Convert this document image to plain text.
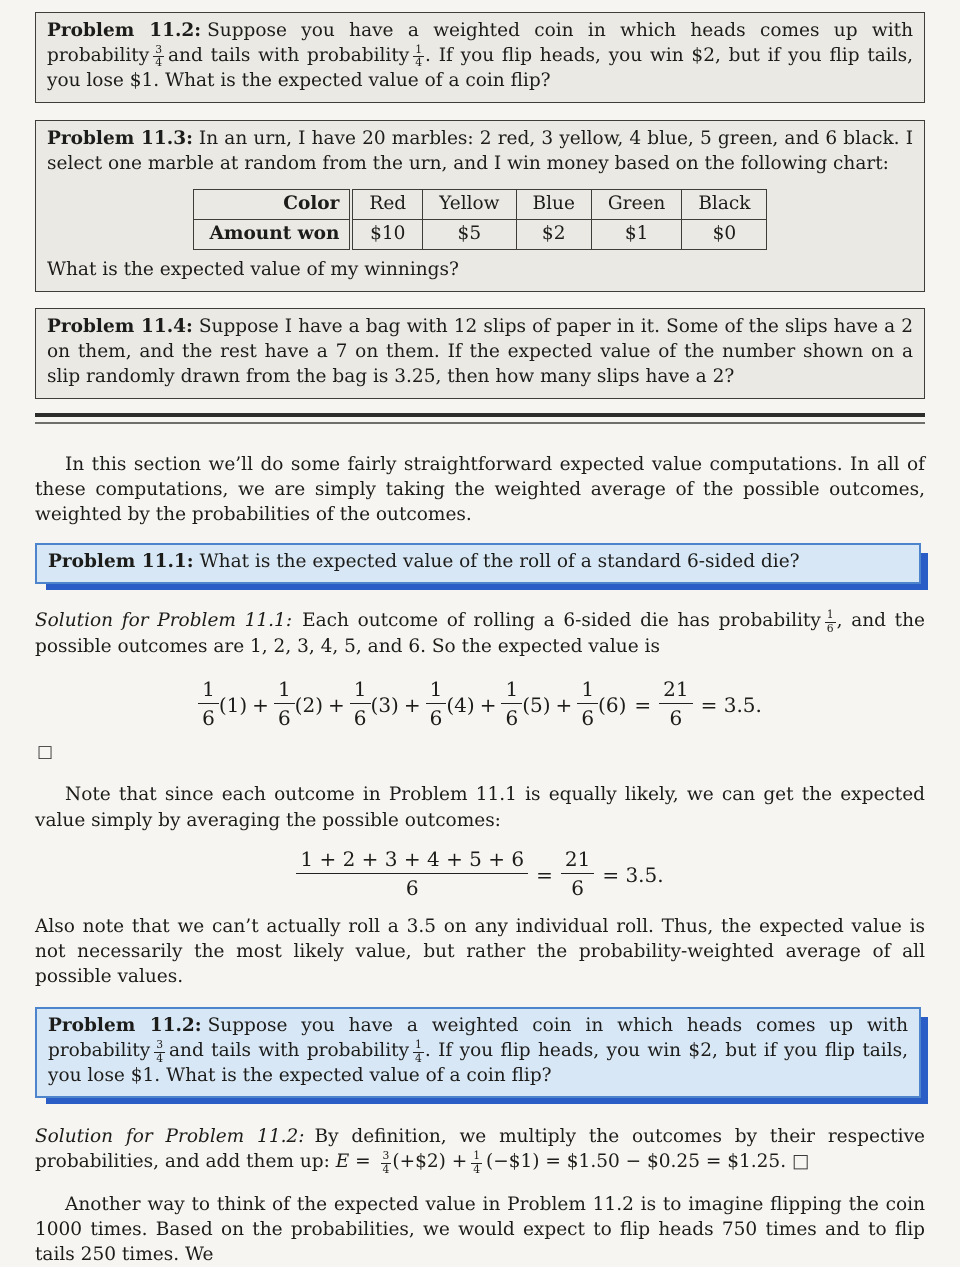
Problem 11.2: Suppose you have a weighted coin in which heads comes up with probability $\frac{3}{4}$ and tails with probability $\frac{1}{4}$ . If you flip heads, you win $2, but if you flip tails, you lose $1. What is the expected value of a coin flip?
Problem 11.3: In an urn, I have 20 marbles: 2 red, 3 yellow, 4 blue, 5 green, and 6 black. I select one marble at random from the urn, and I win money based on the following chart:
Color	Red	Yellow	Blue	Green	Black
Amount won	$10	$5	$2	$1	$0
What is the expected value of my winnings?
Problem 11.4: Suppose I have a bag with 12 slips of paper in it. Some of the slips have a 2 on them, and the rest have a 7 on them. If the expected value of the number shown on a slip randomly drawn from the bag is 3.25, then how many slips have a 2?

In this section we’ll do some fairly straightforward expected value computations. In all of these computations, we are simply taking the weighted average of the possible outcomes, weighted by the probabilities of the outcomes.

Problem 11.1: What is the expected value of the roll of a standard 6-sided die?

Solution for Problem 11.1: Each outcome of rolling a 6-sided die has probability $\frac{1}{6}$ , and the possible outcomes are 1, 2, 3, 4, 5, and 6. So the expected value is

$\frac{1}{6} (1) + \frac{1}{6} (2) + \frac{1}{6} (3) + \frac{1}{6} (4) + \frac{1}{6} (5) + \frac{1}{6} (6) = \frac{21}{6} = 3.5$.
□

Note that since each outcome in Problem 11.1 is equally likely, we can get the expected value simply by averaging the possible outcomes:

$\frac{1 + 2 + 3 + 4 + 5 + 6}{6} = \frac{21}{6} = 3.5$.

Also note that we can’t actually roll a 3.5 on any individual roll. Thus, the expected value is not necessarily the most likely value, but rather the probability-weighted average of all possible values.

Problem 11.2: Suppose you have a weighted coin in which heads comes up with probability $\frac{3}{4}$ and tails with probability $\frac{1}{4}$ . If you flip heads, you win $2, but if you flip tails, you lose $1. What is the expected value of a coin flip?

Solution for Problem 11.2: By definition, we multiply the outcomes by their respective probabilities, and add them up: $E = \frac{3}{4}$ (+$2) + $\frac{1}{4}$ (−$1) = $1.50 − $0.25 = $1.25. □

Another way to think of the expected value in Problem 11.2 is to imagine flipping the coin 1000 times. Based on the probabilities, we would expect to flip heads 750 times and to flip tails 250 times. We
